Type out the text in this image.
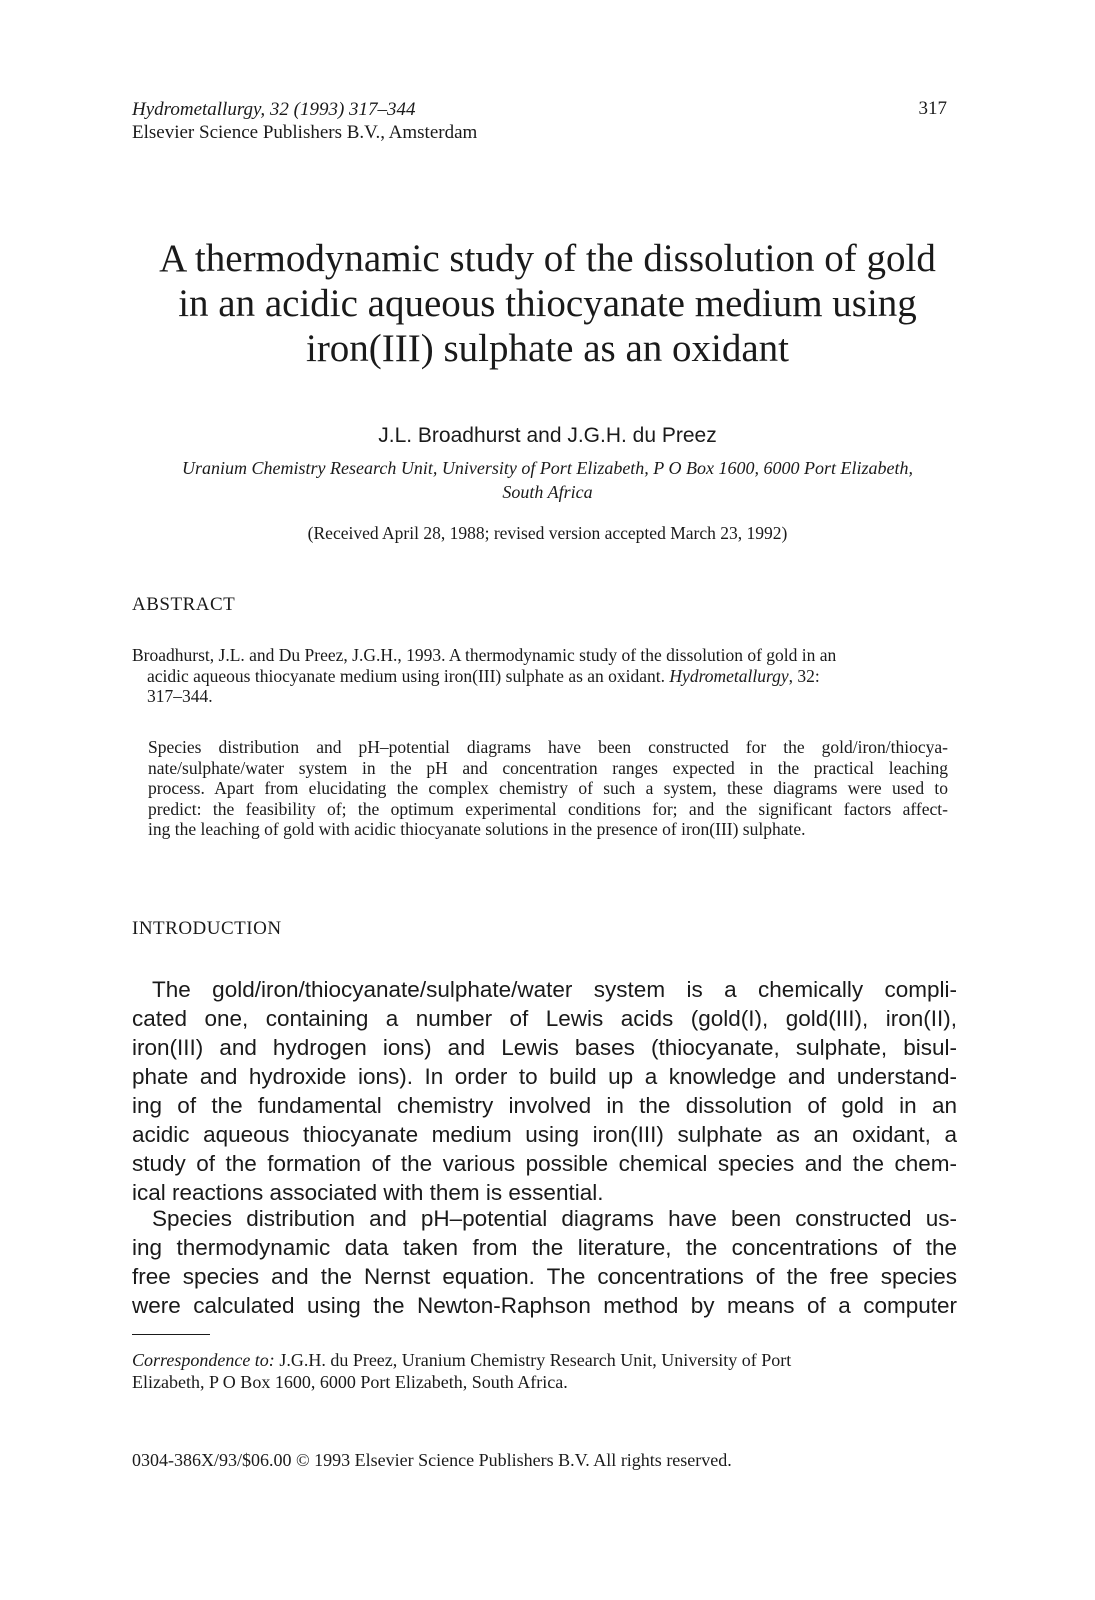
Hydrometallurgy, 32 (1993) 317–344
Elsevier Science Publishers B.V., Amsterdam
317
A thermodynamic study of the dissolution of gold
in an acidic aqueous thiocyanate medium using
iron(III) sulphate as an oxidant
J.L. Broadhurst and J.G.H. du Preez
Uranium Chemistry Research Unit, University of Port Elizabeth, P O Box 1600, 6000 Port Elizabeth,
South Africa
(Received April 28, 1988; revised version accepted March 23, 1992)
ABSTRACT
Broadhurst, J.L. and Du Preez, J.G.H., 1993. A thermodynamic study of the dissolution of gold in an
acidic aqueous thiocyanate medium using iron(III) sulphate as an oxidant. Hydrometallurgy, 32:
317–344.
Species distribution and pH–potential diagrams have been constructed for the gold/iron/thiocya-
nate/sulphate/water system in the pH and concentration ranges expected in the practical leaching
process. Apart from elucidating the complex chemistry of such a system, these diagrams were used to
predict: the feasibility of; the optimum experimental conditions for; and the significant factors affect-
ing the leaching of gold with acidic thiocyanate solutions in the presence of iron(III) sulphate.
INTRODUCTION
The gold/iron/thiocyanate/sulphate/water system is a chemically compli-
cated one, containing a number of Lewis acids (gold(I), gold(III), iron(II),
iron(III) and hydrogen ions) and Lewis bases (thiocyanate, sulphate, bisul-
phate and hydroxide ions). In order to build up a knowledge and understand-
ing of the fundamental chemistry involved in the dissolution of gold in an
acidic aqueous thiocyanate medium using iron(III) sulphate as an oxidant, a
study of the formation of the various possible chemical species and the chem-
ical reactions associated with them is essential.
Species distribution and pH–potential diagrams have been constructed us-
ing thermodynamic data taken from the literature, the concentrations of the
free species and the Nernst equation. The concentrations of the free species
were calculated using the Newton-Raphson method by means of a computer
Correspondence to: J.G.H. du Preez, Uranium Chemistry Research Unit, University of Port
Elizabeth, P O Box 1600, 6000 Port Elizabeth, South Africa.
0304-386X/93/$06.00 © 1993 Elsevier Science Publishers B.V. All rights reserved.
